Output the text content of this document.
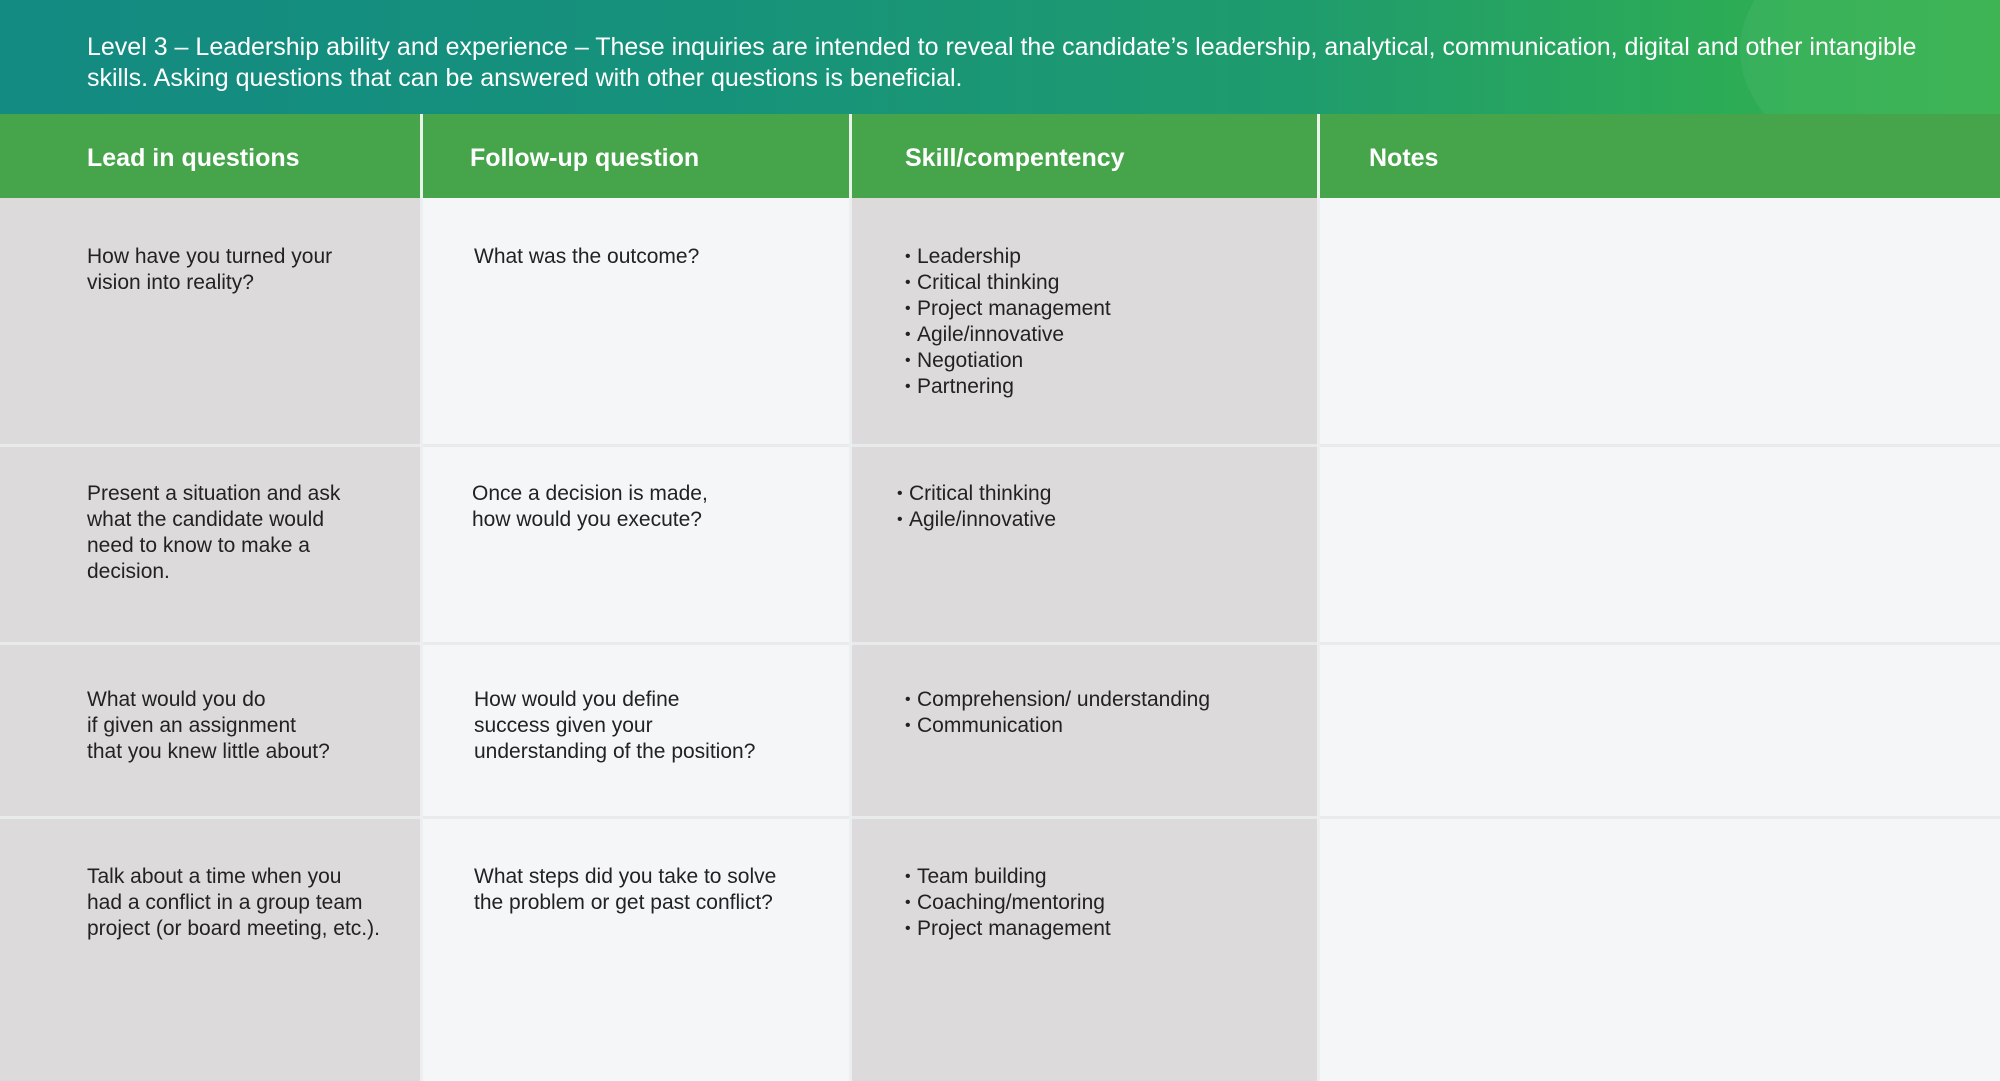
Level 3 – Leadership ability and experience – These inquiries are intended to reveal the candidate’s leadership, analytical, communication, digital and other intangible skills. Asking questions that can be answered with other questions is beneficial.
Lead in questions	Follow-up question	Skill/compentency	Notes
How have you turned your
vision into reality?
What was the outcome?
•	Leadership
• Critical thinking
• Project management
• Agile/innovative
• Negotiation
• Partnering
Present a situation and ask
what the candidate would
need to know to make a
decision.
Once a decision is made,
how would you execute?
• Critical thinking
• Agile/innovative
What would you do
if given an assignment
that you knew little about?
How would you define
success given your
understanding of the position?
• Comprehension/ understanding
• Communication
Talk about a time when you
had a conflict in a group team
project (or board meeting, etc.).
What steps did you take to solve
the problem or get past conflict?
• Team building
• Coaching/mentoring
• Project management
